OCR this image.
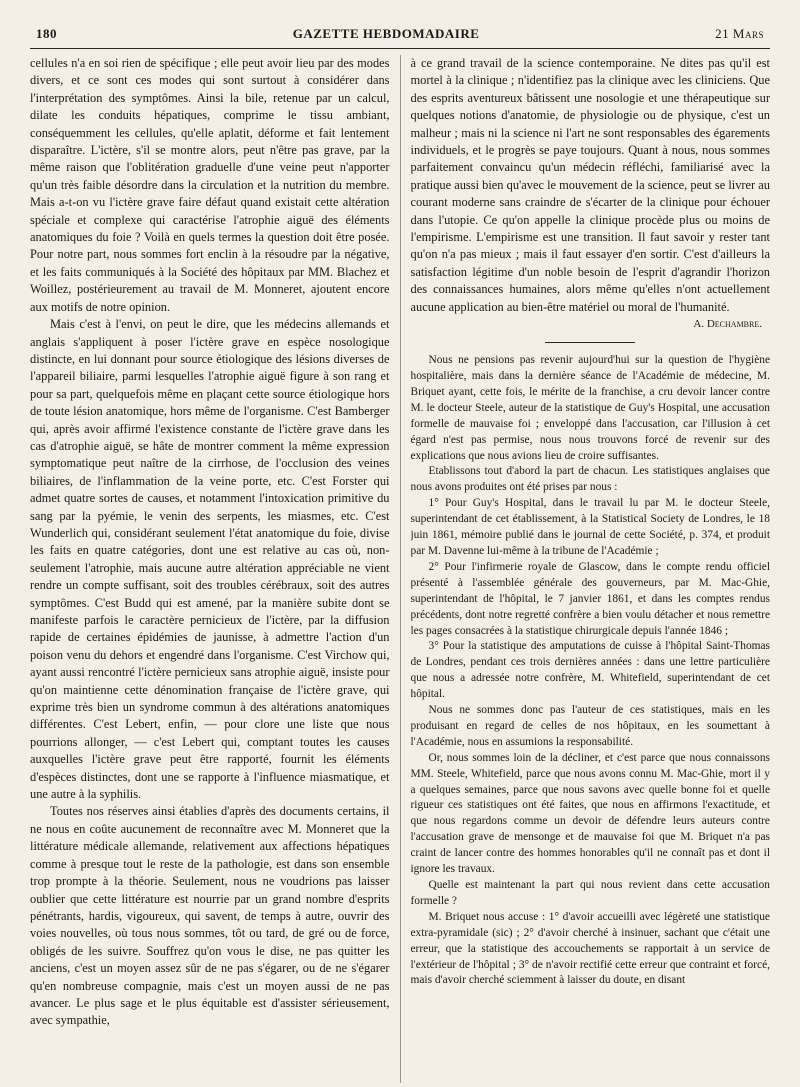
180	GAZETTE HEBDOMADAIRE	21 Mars

cellules n'a en soi rien de spécifique ; elle peut avoir lieu par des modes divers, et ce sont ces modes qui sont surtout à considérer dans l'interprétation des symptômes. Ainsi la bile, retenue par un calcul, dilate les conduits hépatiques, comprime le tissu ambiant, conséquemment les cellules, qu'elle aplatit, déforme et fait lentement disparaître. L'ictère, s'il se montre alors, peut n'être pas grave, par la même raison que l'oblitération graduelle d'une veine peut n'apporter qu'un très faible désordre dans la circulation et la nutrition du membre. Mais a-t-on vu l'ictère grave faire défaut quand existait cette altération spéciale et complexe qui caractérise l'atrophie aiguë des éléments anatomiques du foie ? Voilà en quels termes la question doit être posée. Pour notre part, nous sommes fort enclin à la résoudre par la négative, et les faits communiqués à la Société des hôpitaux par MM. Blachez et Woillez, postérieurement au travail de M. Monneret, ajoutent encore aux motifs de notre opinion.

Mais c'est à l'envi, on peut le dire, que les médecins allemands et anglais s'appliquent à poser l'ictère grave en espèce nosologique distincte, en lui donnant pour source étiologique des lésions diverses de l'appareil biliaire, parmi lesquelles l'atrophie aiguë figure à son rang et pour sa part, quelquefois même en plaçant cette source étiologique hors de toute lésion anatomique, hors même de l'organisme. C'est Bamberger qui, après avoir affirmé l'existence constante de l'ictère grave dans les cas d'atrophie aiguë, se hâte de montrer comment la même expression symptomatique peut naître de la cirrhose, de l'occlusion des veines biliaires, de l'inflammation de la veine porte, etc. C'est Forster qui admet quatre sortes de causes, et notamment l'intoxication primitive du sang par la pyémie, le venin des serpents, les miasmes, etc. C'est Wunderlich qui, considérant seulement l'état anatomique du foie, divise les faits en quatre catégories, dont une est relative au cas où, non-seulement l'atrophie, mais aucune autre altération appréciable ne vient rendre un compte suffisant, soit des troubles cérébraux, soit des autres symptômes. C'est Budd qui est amené, par la manière subite dont se manifeste parfois le caractère pernicieux de l'ictère, par la diffusion rapide de certaines épidémies de jaunisse, à admettre l'action d'un poison venu du dehors et engendré dans l'organisme. C'est Virchow qui, ayant aussi rencontré l'ictère pernicieux sans atrophie aiguë, insiste pour qu'on maintienne cette dénomination française de l'ictère grave, qui exprime très bien un syndrome commun à des altérations anatomiques différentes. C'est Lebert, enfin, — pour clore une liste que nous pourrions allonger, — c'est Lebert qui, comptant toutes les causes auxquelles l'ictère grave peut être rapporté, fournit les éléments d'espèces distinctes, dont une se rapporte à l'influence miasmatique, et une autre à la syphilis.

Toutes nos réserves ainsi établies d'après des documents certains, il ne nous en coûte aucunement de reconnaître avec M. Monneret que la littérature médicale allemande, relativement aux affections hépatiques comme à presque tout le reste de la pathologie, est dans son ensemble trop prompte à la théorie. Seulement, nous ne voudrions pas laisser oublier que cette littérature est nourrie par un grand nombre d'esprits pénétrants, hardis, vigoureux, qui savent, de temps à autre, ouvrir des voies nouvelles, où tous nous sommes, tôt ou tard, de gré ou de force, obligés de les suivre. Souffrez qu'on vous le dise, ne pas quitter les anciens, c'est un moyen assez sûr de ne pas s'égarer, ou de ne s'égarer qu'en nombreuse compagnie, mais c'est un moyen aussi de ne pas avancer. Le plus sage et le plus équitable est d'assister sérieusement, avec sympathie,

à ce grand travail de la science contemporaine. Ne dites pas qu'il est mortel à la clinique ; n'identifiez pas la clinique avec les cliniciens. Que des esprits aventureux bâtissent une nosologie et une thérapeutique sur quelques notions d'anatomie, de physiologie ou de physique, c'est un malheur ; mais ni la science ni l'art ne sont responsables des égarements individuels, et le progrès se paye toujours. Quant à nous, nous sommes parfaitement convaincu qu'un médecin réfléchi, familiarisé avec la pratique aussi bien qu'avec le mouvement de la science, peut se livrer au courant moderne sans craindre de s'écarter de la clinique pour échouer dans l'utopie. Ce qu'on appelle la clinique procède plus ou moins de l'empirisme. L'empirisme est une transition. Il faut savoir y rester tant qu'on n'a pas mieux ; mais il faut essayer d'en sortir. C'est d'ailleurs la satisfaction légitime d'un noble besoin de l'esprit d'agrandir l'horizon des connaissances humaines, alors même qu'elles n'ont actuellement aucune application au bien-être matériel ou moral de l'humanité.

A. Dechambre.

Nous ne pensions pas revenir aujourd'hui sur la question de l'hygiène hospitalière, mais dans la dernière séance de l'Académie de médecine, M. Briquet ayant, cette fois, le mérite de la franchise, a cru devoir lancer contre M. le docteur Steele, auteur de la statistique de Guy's Hospital, une accusation formelle de mauvaise foi ; enveloppé dans l'accusation, car l'illusion à cet égard n'est pas permise, nous nous trouvons forcé de revenir sur des explications que nous avions lieu de croire suffisantes.

Etablissons tout d'abord la part de chacun. Les statistiques anglaises que nous avons produites ont été prises par nous :

1° Pour Guy's Hospital, dans le travail lu par M. le docteur Steele, superintendant de cet établissement, à la Statistical Society de Londres, le 18 juin 1861, mémoire publié dans le journal de cette Société, p. 374, et produit par M. Davenne lui-même à la tribune de l'Académie ;

2° Pour l'infirmerie royale de Glascow, dans le compte rendu officiel présenté à l'assemblée générale des gouverneurs, par M. Mac-Ghie, superintendant de l'hôpital, le 7 janvier 1861, et dans les comptes rendus précédents, dont notre regretté confrère a bien voulu détacher et nous remettre les pages consacrées à la statistique chirurgicale depuis l'année 1846 ;

3° Pour la statistique des amputations de cuisse à l'hôpital Saint-Thomas de Londres, pendant ces trois dernières années : dans une lettre particulière que nous a adressée notre confrère, M. Whitefield, superintendant de cet hôpital.

Nous ne sommes donc pas l'auteur de ces statistiques, mais en les produisant en regard de celles de nos hôpitaux, en les soumettant à l'Académie, nous en assumions la responsabilité.

Or, nous sommes loin de la décliner, et c'est parce que nous connaissons MM. Steele, Whitefield, parce que nous avons connu M. Mac-Ghie, mort il y a quelques semaines, parce que nous savons avec quelle bonne foi et quelle rigueur ces statistiques ont été faites, que nous en affirmons l'exactitude, et que nous regardons comme un devoir de défendre leurs auteurs contre l'accusation grave de mensonge et de mauvaise foi que M. Briquet n'a pas craint de lancer contre des hommes honorables qu'il ne connaît pas et dont il ignore les travaux.

Quelle est maintenant la part qui nous revient dans cette accusation formelle ?

M. Briquet nous accuse : 1° d'avoir accueilli avec légèreté une statistique extra-pyramidale (sic) ; 2° d'avoir cherché à insinuer, sachant que c'était une erreur, que la statistique des accouchements se rapportait à un service de l'extérieur de l'hôpital ; 3° de n'avoir rectifié cette erreur que contraint et forcé, mais d'avoir cherché sciemment à laisser du doute, en disant
